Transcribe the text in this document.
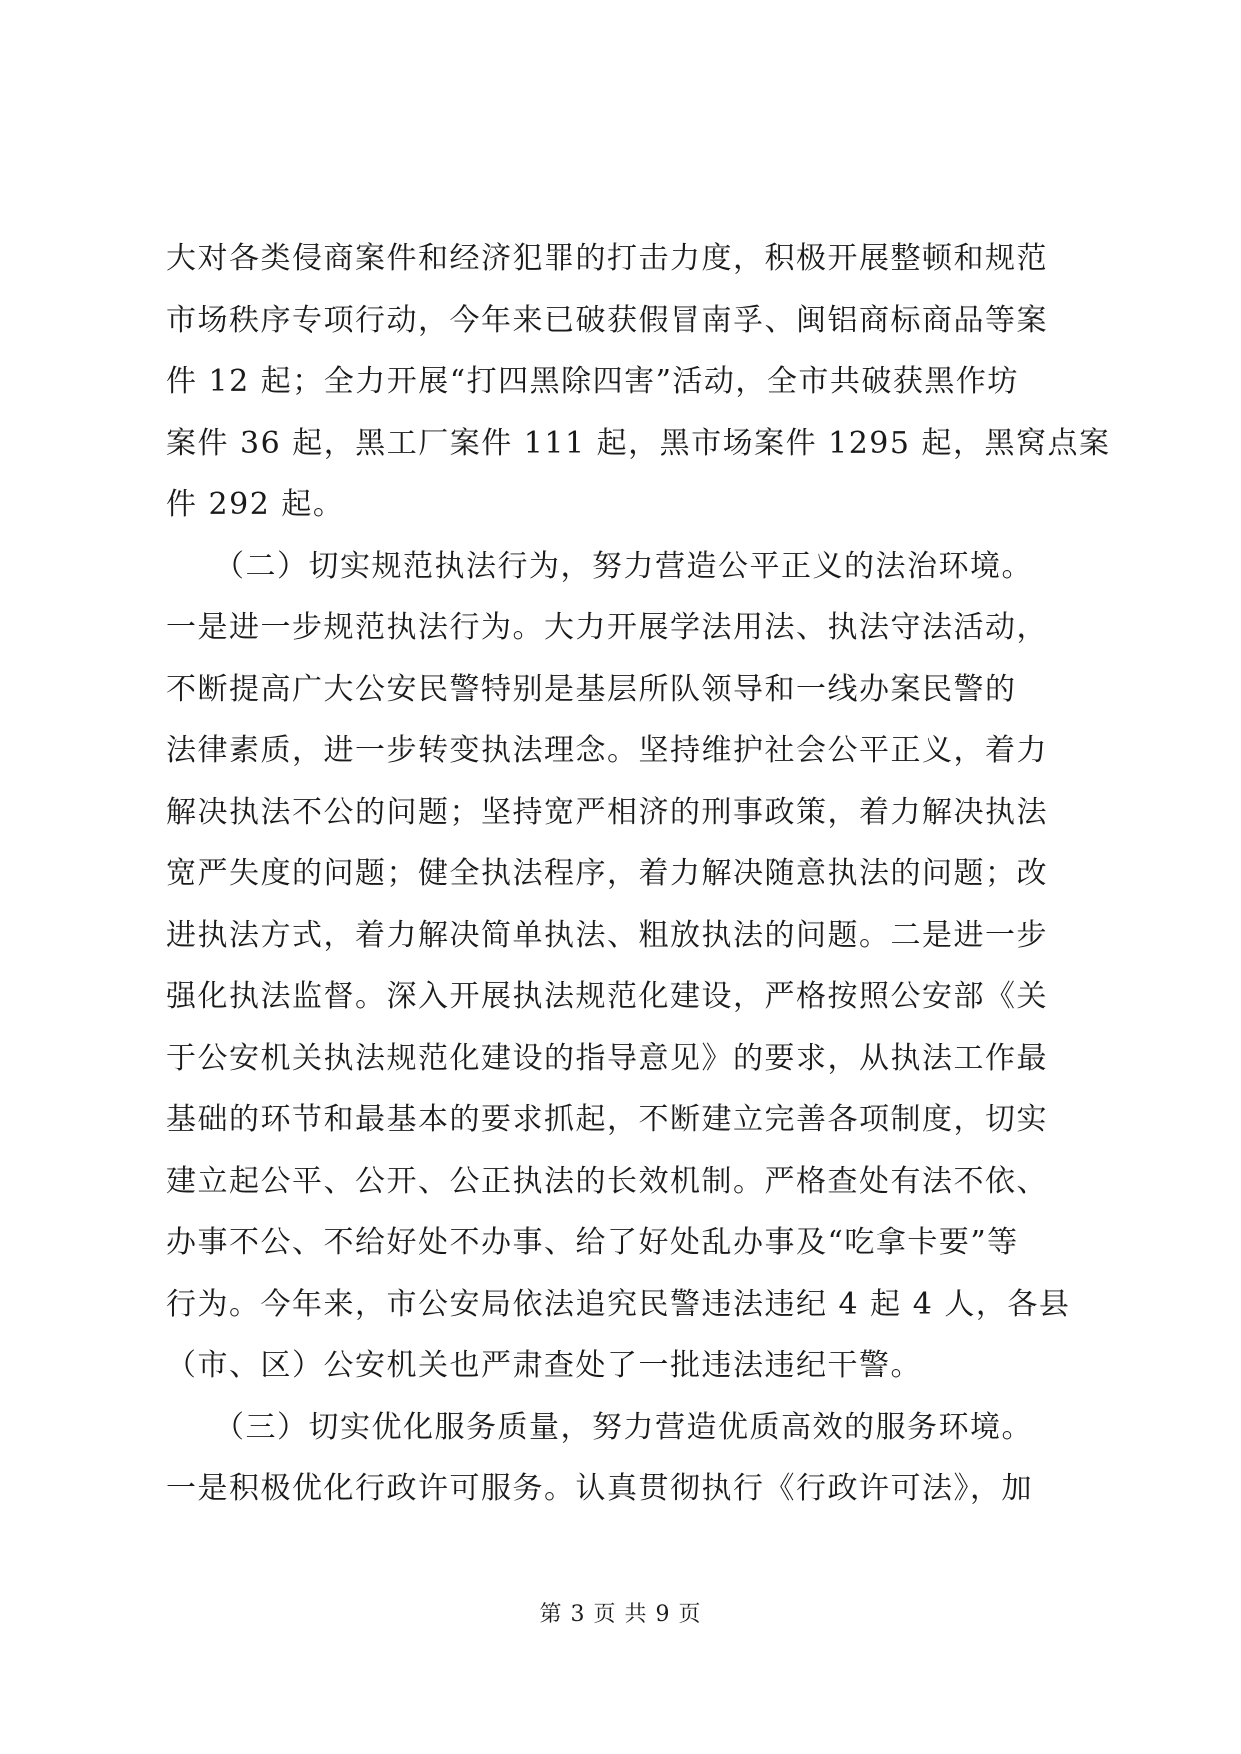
大对各类侵商案件和经济犯罪的打击力度，积极开展整顿和规范
市场秩序专项行动，今年来已破获假冒南孚、闽铝商标商品等案
件 12 起；全力开展“打四黑除四害”活动，全市共破获黑作坊
案件 36 起，黑工厂案件 111 起，黑市场案件 1295 起，黑窝点案
件 292 起。
　　（二）切实规范执法行为，努力营造公平正义的法治环境。
一是进一步规范执法行为。大力开展学法用法、执法守法活动，
不断提高广大公安民警特别是基层所队领导和一线办案民警的
法律素质，进一步转变执法理念。坚持维护社会公平正义，着力
解决执法不公的问题；坚持宽严相济的刑事政策，着力解决执法
宽严失度的问题；健全执法程序，着力解决随意执法的问题；改
进执法方式，着力解决简单执法、粗放执法的问题。二是进一步
强化执法监督。深入开展执法规范化建设，严格按照公安部《关
于公安机关执法规范化建设的指导意见》的要求，从执法工作最
基础的环节和最基本的要求抓起，不断建立完善各项制度，切实
建立起公平、公开、公正执法的长效机制。严格查处有法不依、
办事不公、不给好处不办事、给了好处乱办事及“吃拿卡要”等
行为。今年来，市公安局依法追究民警违法违纪 4 起 4 人，各县
（市、区）公安机关也严肃查处了一批违法违纪干警。
　　（三）切实优化服务质量，努力营造优质高效的服务环境。
一是积极优化行政许可服务。认真贯彻执行《行政许可法》，加
第 3 页 共 9 页
